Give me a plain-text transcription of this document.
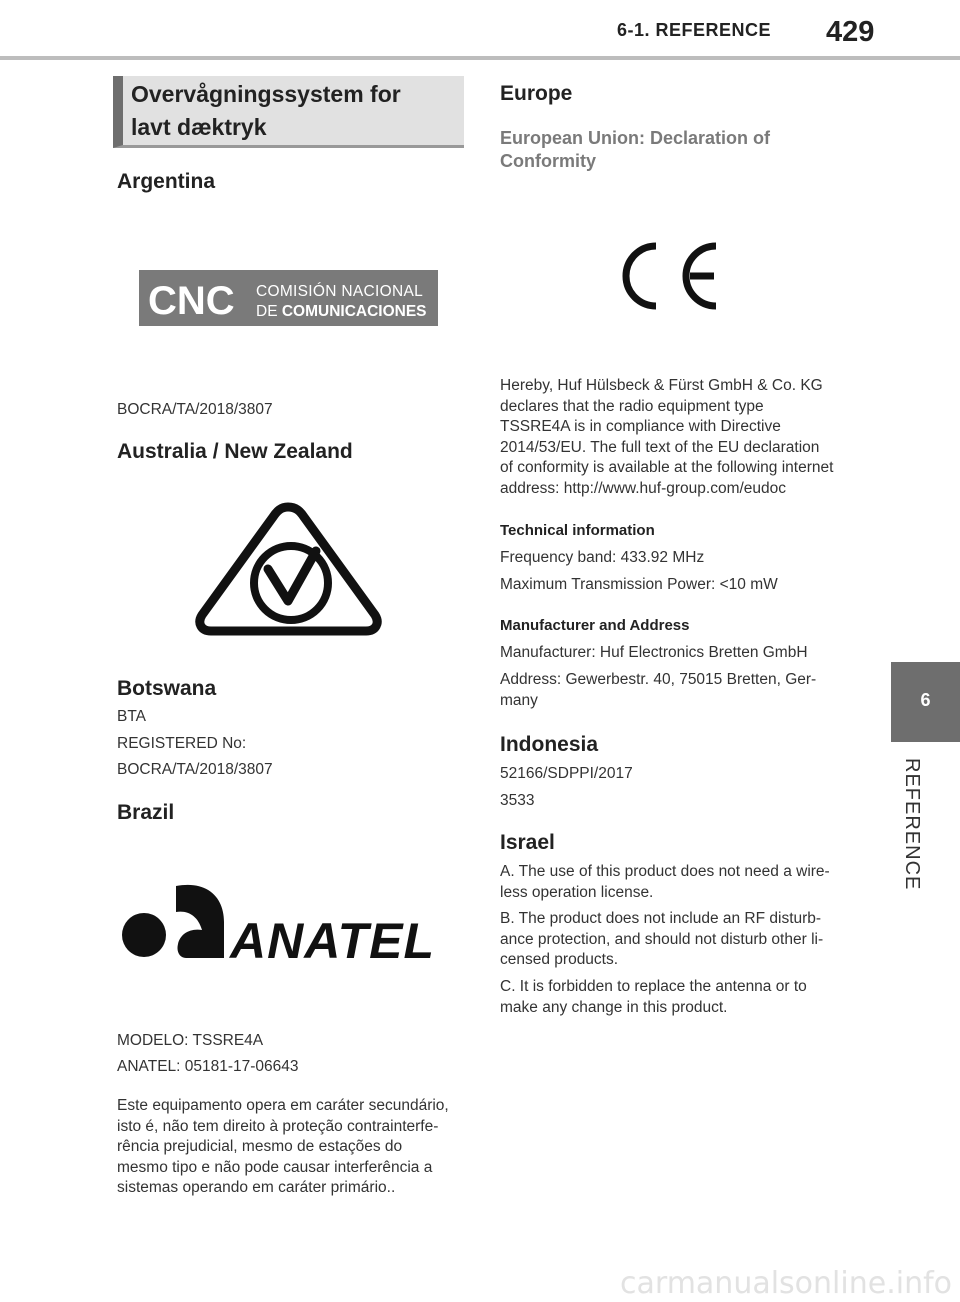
6-1. REFERENCE 429
6
REFERENCE
Overvågningssystem for
lavt dæktryk
Argentina
CNC COMISIÓN NACIONAL
DE COMUNICACIONES
BOCRA/TA/2018/3807
Australia / New Zealand
Botswana
BTA
REGISTERED No:
BOCRA/TA/2018/3807
Brazil
ANATEL
MODELO: TSSRE4A
ANATEL: 05181-17-06643
Este equipamento opera em caráter secundário,
isto é, não tem direito à proteção contrainterfe-
rência prejudicial, mesmo de estações do
mesmo tipo e não pode causar interferência a
sistemas operando em caráter primário..
Europe
European Union: Declaration of
Conformity
Hereby, Huf Hülsbeck & Fürst GmbH & Co. KG
declares that the radio equipment type
TSSRE4A is in compliance with Directive
2014/53/EU. The full text of the EU declaration
of conformity is available at the following internet
address: http://www.huf-group.com/eudoc
Technical information
Frequency band: 433.92 MHz
Maximum Transmission Power: <10 mW
Manufacturer and Address
Manufacturer: Huf Electronics Bretten GmbH
Address: Gewerbestr. 40, 75015 Bretten, Ger-
many
Indonesia
52166/SDPPI/2017
3533
Israel
A. The use of this product does not need a wire-
less operation license.
B. The product does not include an RF disturb-
ance protection, and should not disturb other li-
censed products.
C. It is forbidden to replace the antenna or to
make any change in this product.
carmanualsonline.info
